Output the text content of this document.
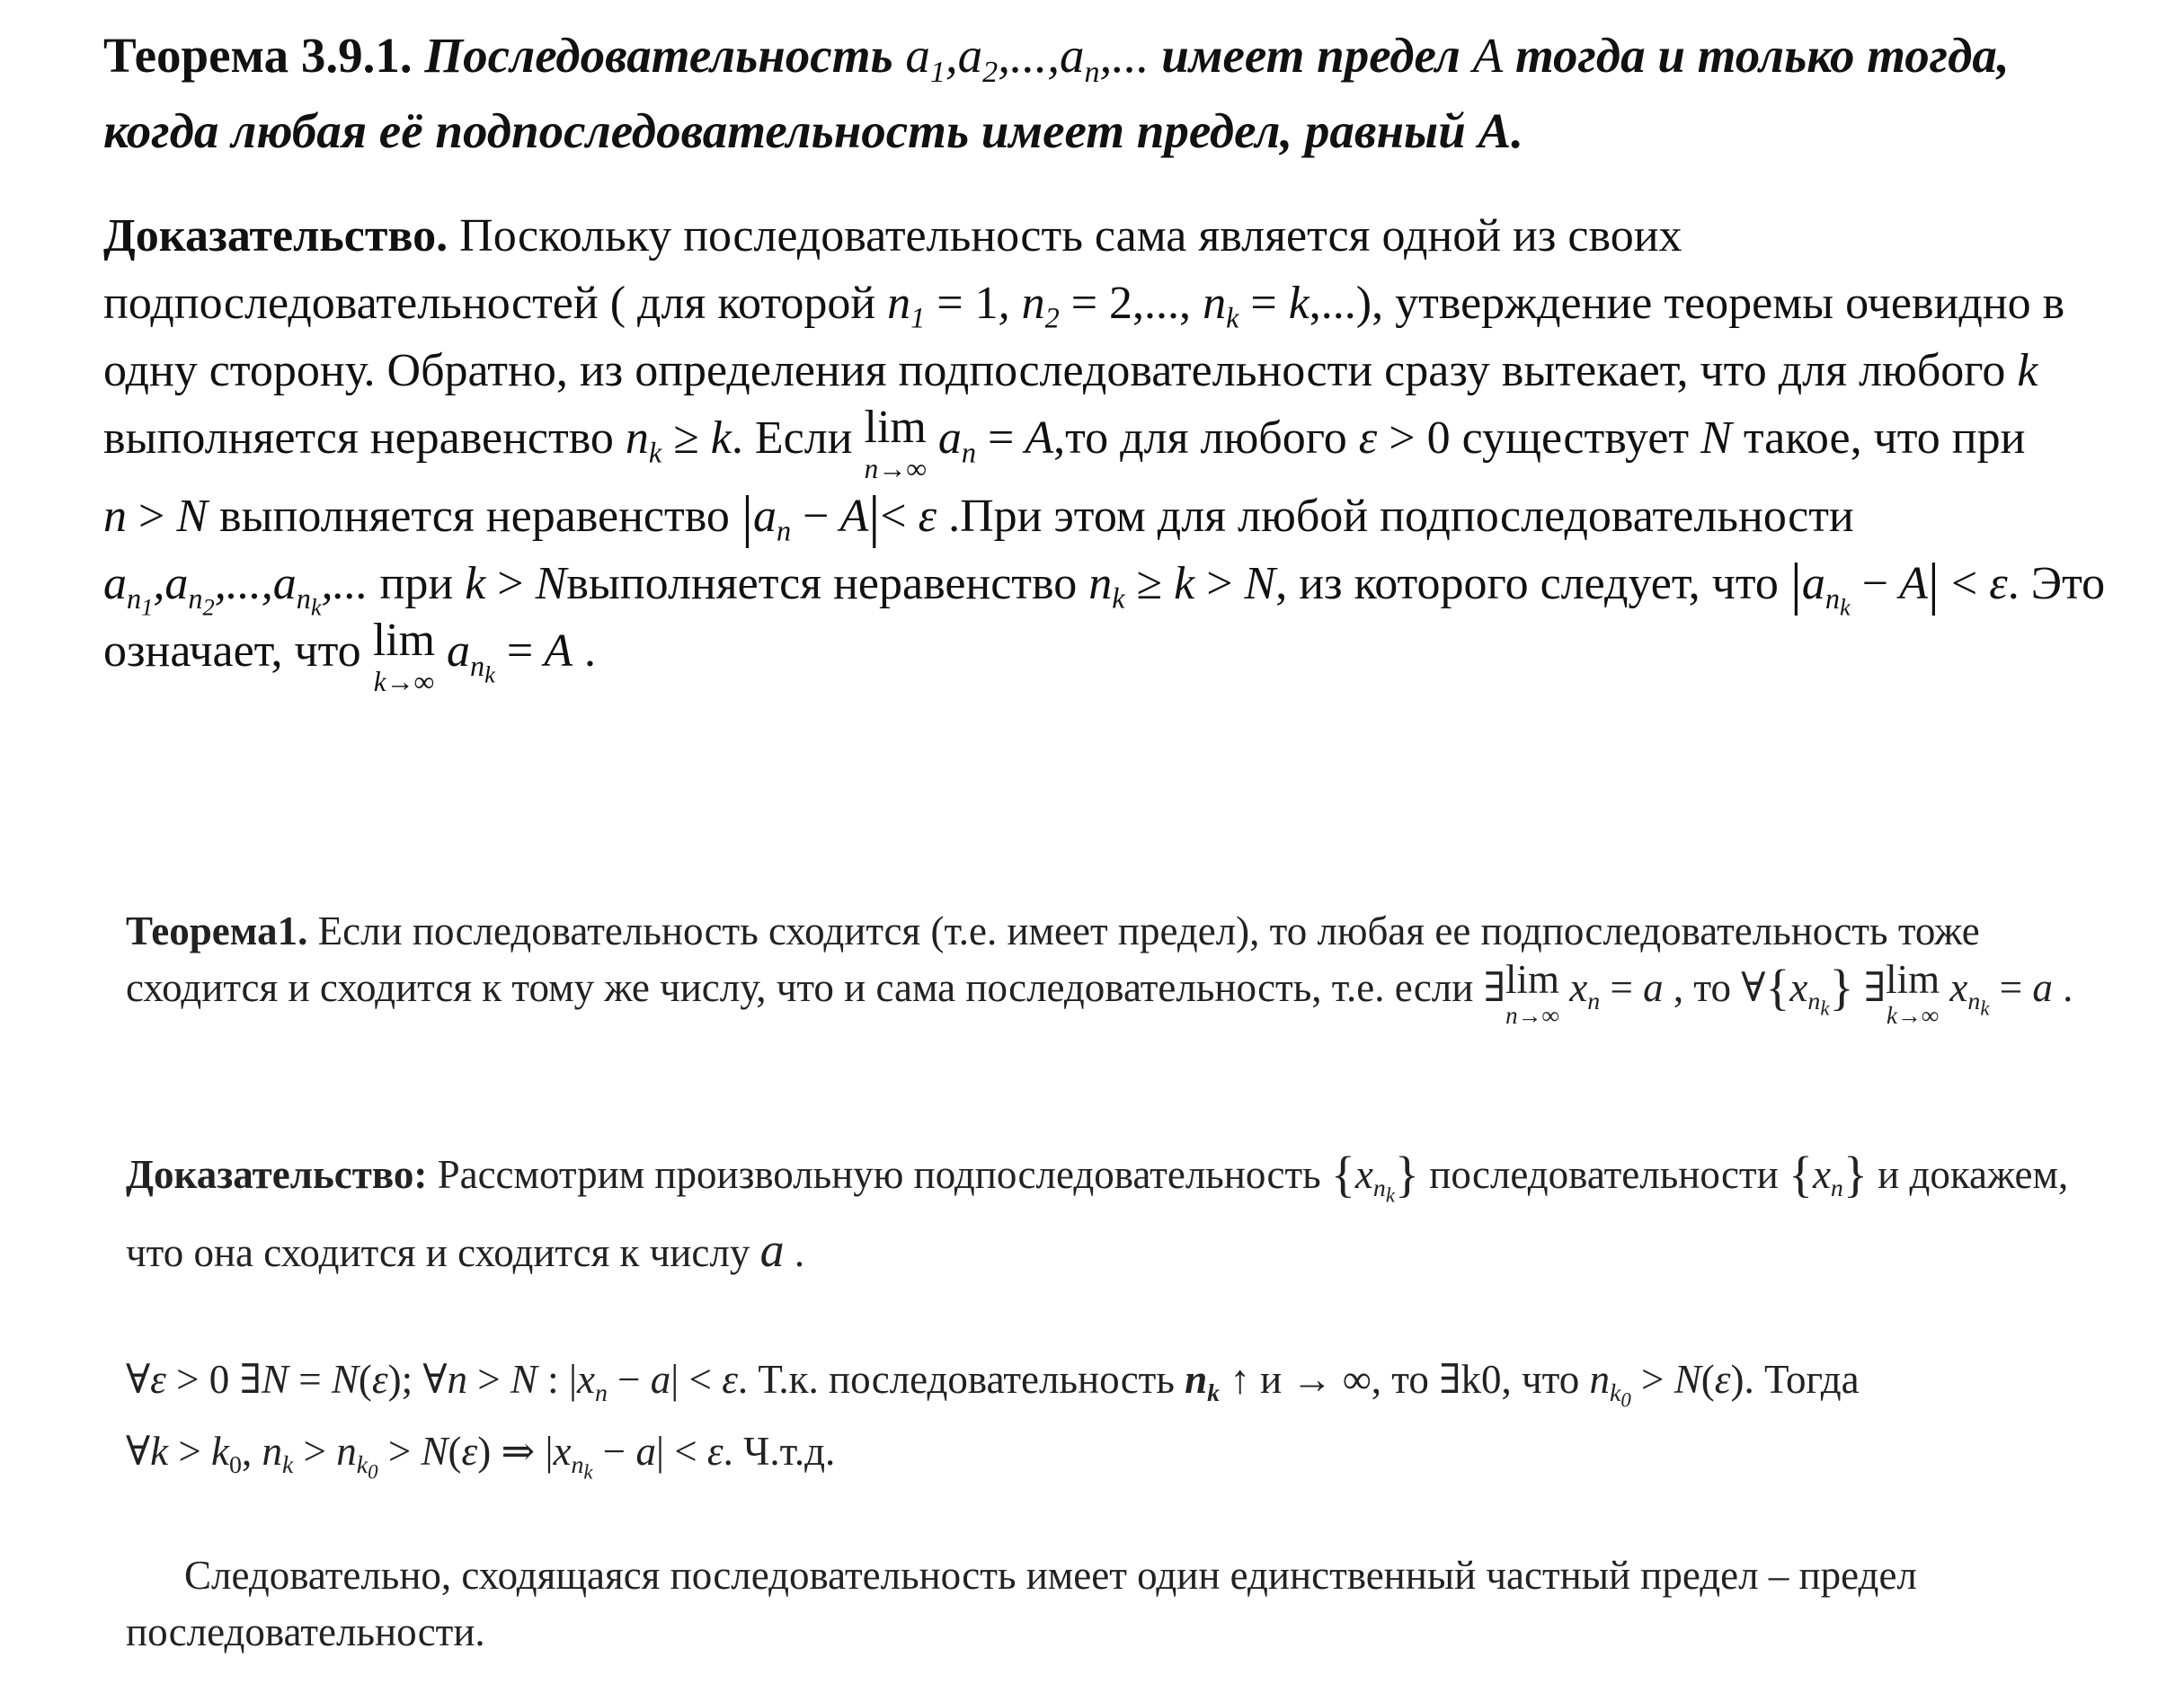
Теорема 3.9.1. Последовательность $a_1,a_2,...,a_n$,... имеет предел A тогда и только тогда, когда любая её подпоследовательность имеет предел, равный A.

Доказательство. Поскольку последовательность сама является одной из своих подпоследовательностей ( для которой $n_1 = 1$, $n_2 = 2$,..., $n_k = k$,...), утверждение теоремы очевидно в одну сторону. Обратно, из определения подпоследовательности сразу вытекает, что для любого k выполняется неравенство $n_k \ge k$. Если lim
n→∞
$a_n = A,то$ для любого ε > 0 существует N такое, что при n > N выполняется неравенство $|a_n - A|< \varepsilon$ .При этом для любой подпоследовательности  $a_{n_1},a_{n_2},...,a_{n_k}$,... при k > Nвыполняется неравенство $n_k \ge k > N$, из которого следует, что $|a_{n_k} - A| < \varepsilon$. Это означает, что lim
k→∞
$a_{n_k} = A$ .

Теорема1. Если последовательность сходится (т.е. имеет предел), то любая ее подпоследовательность тоже сходится и сходится к тому же числу, что и сама последовательность, т.е. если ∃ lim
n→∞
$x_n = a$ , то $\forall\{x_{n_k}\}$ ∃ lim
k→∞
$x_{n_k} = a$ .

Доказательство: Рассмотрим произвольную подпоследовательность $\{x_{n_k}\}$ последовательности $\{x_n\}$ и докажем, что она сходится и сходится к числу a .

∀ε > 0 ∃N = N(ε); ∀n > N : $|x_n - a| < \varepsilon$. Т.к. последовательность $n_k$ ↑ и → ∞, то ∃k0, что $n_{k_0} > N(\varepsilon)$. Тогда ∀k > $k_0$, $n_k > n_{k_0} > N(\varepsilon)$ ⇒ $|x_{n_k} - a| < \varepsilon$. Ч.т.д.

Следовательно, сходящаяся последовательность имеет один единственный частный предел – предел последовательности.
